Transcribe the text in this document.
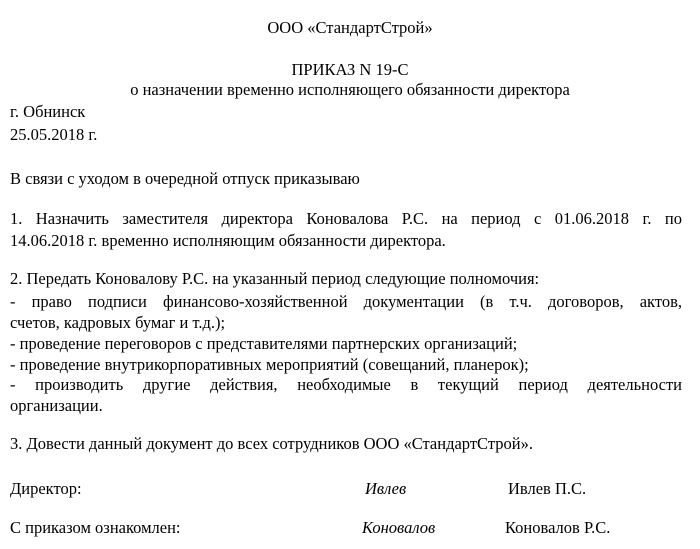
ООО «СтандартСтрой»
ПРИКАЗ N 19-С
о назначении временно исполняющего обязанности директора
г. Обнинск
25.05.2018 г.
В связи с уходом в очередной отпуск приказываю
1. Назначить заместителя директора Коновалова Р.С. на период с 01.06.2018 г. по
14.06.2018 г. временно исполняющим обязанности директора.
2. Передать Коновалову Р.С. на указанный период следующие полномочия:
- право подписи финансово-хозяйственной документации (в т.ч. договоров, актов,
счетов, кадровых бумаг и т.д.);
- проведение переговоров с представителями партнерских организаций;
- проведение внутрикорпоративных мероприятий (совещаний, планерок);
- производить другие действия, необходимые в текущий период деятельности
организации.
3. Довести данный документ до всех сотрудников ООО «СтандартСтрой».
Директор:	Ивлев	Ивлев П.С.
С приказом ознакомлен:	Коновалов	Коновалов Р.С.
